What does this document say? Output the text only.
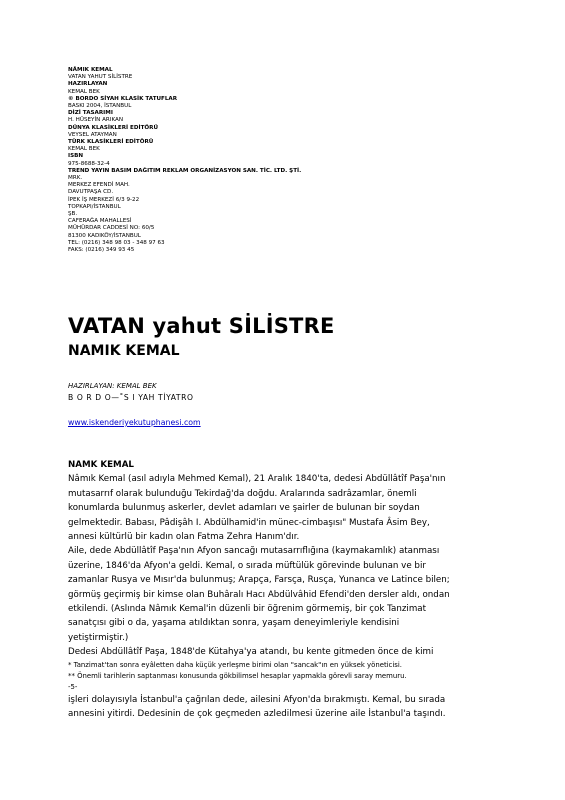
NÂMIK KEMAL
VATAN YAHUT SİLİSTRE
HAZIRLAYAN
KEMAL BEK
© BORDO SİYAH KLASİK TATUFLAR
BASKI 2004, İSTANBUL
DİZİ TASARIMI
H. HÜSEYİN ARIKAN
DÜNYA KLASİKLERİ EDİTÖRÜ
VEYSEL ATAYMAN
TÜRK KLASİKLERİ EDİTÖRÜ
KEMAL BEK
ISBN
975-8688-32-4
TREND YAYIN BASIM DAĞITIM REKLAM ORGANİZASYON SAN. TİC. LTD. ŞTİ.
MRK.
MERKEZ EFENDİ MAH.
DAVUTPAŞA CD.
İPEK İŞ MERKEZİ 6/3 9-22
TOPKAPI/İSTANBUL
ŞB.
CAFERAĞA MAHALLESİ
MÜHÜRDAR CADDESİ NO: 60/5
81300 KADIKÖY/İSTANBUL
TEL: (0216) 348 98 03 - 348 97 63
FAKS: (0216) 349 93 45
VATAN yahut SİLİSTRE
NAMIK KEMAL
HAZIRLAYAN: KEMAL BEK
B O R D O—˚S I YAH TİYATRO
www.iskenderiyekutuphanesi.com
NAMK KEMAL
Nâmık Kemal (asıl adıyla Mehmed Kemal), 21 Aralık 1840'ta, dedesi Abdüllâtîf Paşa'nın
mutasarrıf olarak bulunduğu Tekirdağ'da doğdu. Aralarında sadrâzamlar, önemli
konumlarda bulunmuş askerler, devlet adamları ve şairler de bulunan bir soydan
gelmektedir. Babası, Pâdişâh I. Abdülhamid'in münec-cimbaşısı" Mustafa Âsim Bey,
annesi kültürlü bir kadın olan Fatma Zehra Hanım'dır.
Aile, dede Abdüllâtîf Paşa'nın Afyon sancağı mutasarrıflığına (kaymakamlık) atanması
üzerine, 1846'da Afyon'a geldi. Kemal, o sırada müftülük görevinde bulunan ve bir
zamanlar Rusya ve Mısır'da bulunmuş; Arapça, Farsça, Rusça, Yunanca ve Latince bilen;
görmüş geçirmiş bir kimse olan Buhâralı Hacı Abdülvâhid Efendi'den dersler aldı, ondan
etkilendi. (Aslında Nâmık Kemal'in düzenli bir öğrenim görmemiş, bir çok Tanzimat
sanatçısı gibi o da, yaşama atıldıktan sonra, yaşam deneyimleriyle kendisini
yetiştirmiştir.)
Dedesi Abdüllâtîf Paşa, 1848'de Kütahya'ya atandı, bu kente gitmeden önce de kimi
* Tanzimat'tan sonra eyâletten daha küçük yerleşme birimi olan "sancak"ın en yüksek yöneticisi.
** Önemli tarihlerin saptanması konusunda gökbilimsel hesaplar yapmakla görevli saray memuru.
-5-
işleri dolayısıyla İstanbul'a çağrılan dede, ailesini Afyon'da bırakmıştı. Kemal, bu sırada
annesini yitirdi. Dedesinin de çok geçmeden azledilmesi üzerine aile İstanbul'a taşındı.
